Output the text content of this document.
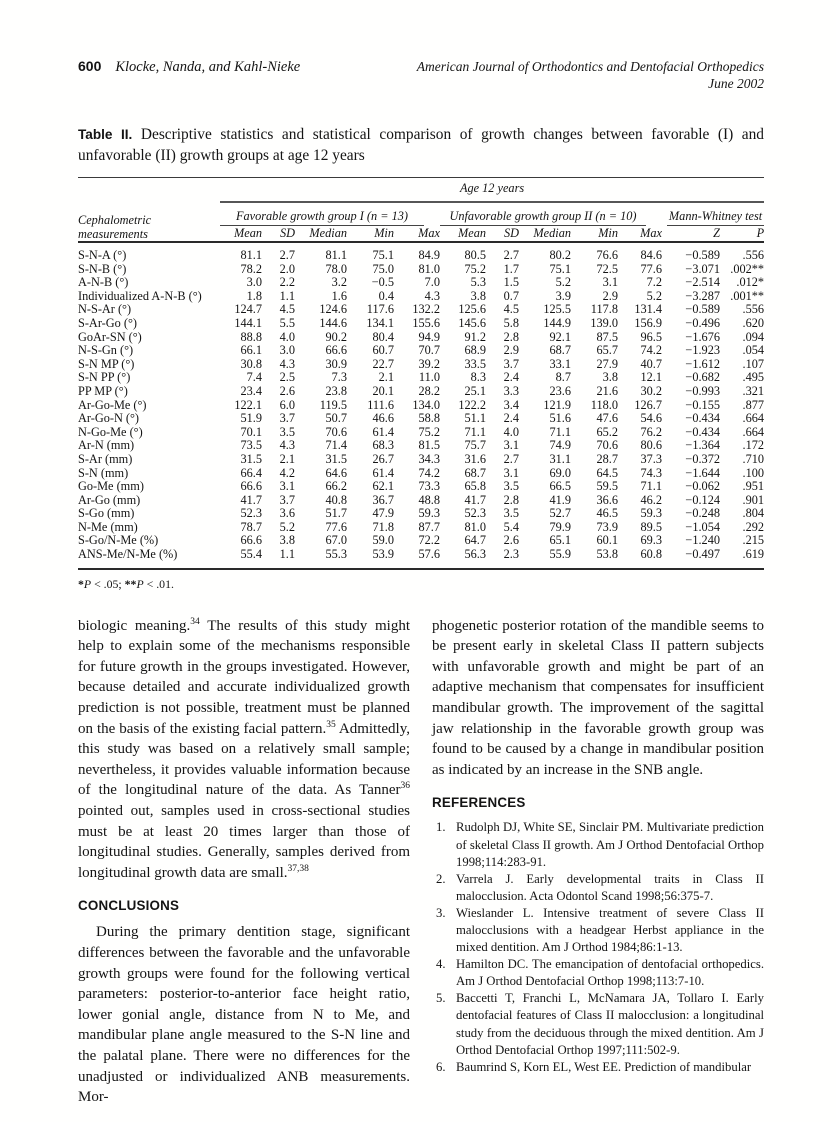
600 Klocke, Nanda, and Kahl-Nieke	American Journal of Orthodontics and Dentofacial Orthopedics
June 2002
Table II. Descriptive statistics and statistical comparison of growth changes between favorable (I) and unfavorable (II) growth groups at age 12 years

	Age 12 years											

Cephalometric measurements	Favorable growth group I (n = 13)					Unfavorable growth group II (n = 10)					Mann-Whitney test	

	Mean	SD	Median	Min	Max	Mean	SD	Median	Min	Max	Z	P
S-N-A (°)	81.1	2.7	81.1	75.1	84.9	80.5	2.7	80.2	76.6	84.6	−0.589	.556
S-N-B (°)	78.2	2.0	78.0	75.0	81.0	75.2	1.7	75.1	72.5	77.6	−3.071	.002**
A-N-B (°)	3.0	2.2	3.2	−0.5	7.0	5.3	1.5	5.2	3.1	7.2	−2.514	.012*
Individualized A-N-B (°)	1.8	1.1	1.6	0.4	4.3	3.8	0.7	3.9	2.9	5.2	−3.287	.001**
N-S-Ar (°)	124.7	4.5	124.6	117.6	132.2	125.6	4.5	125.5	117.8	131.4	−0.589	.556
S-Ar-Go (°)	144.1	5.5	144.6	134.1	155.6	145.6	5.8	144.9	139.0	156.9	−0.496	.620
GoAr-SN (°)	88.8	4.0	90.2	80.4	94.9	91.2	2.8	92.1	87.5	96.5	−1.676	.094
N-S-Gn (°)	66.1	3.0	66.6	60.7	70.7	68.9	2.9	68.7	65.7	74.2	−1.923	.054
S-N MP (°)	30.8	4.3	30.9	22.7	39.2	33.5	3.7	33.1	27.9	40.7	−1.612	.107
S-N PP (°)	7.4	2.5	7.3	2.1	11.0	8.3	2.4	8.7	3.8	12.1	−0.682	.495
PP MP (°)	23.4	2.6	23.8	20.1	28.2	25.1	3.3	23.6	21.6	30.2	−0.993	.321
Ar-Go-Me (°)	122.1	6.0	119.5	111.6	134.0	122.2	3.4	121.9	118.0	126.7	−0.155	.877
Ar-Go-N (°)	51.9	3.7	50.7	46.6	58.8	51.1	2.4	51.6	47.6	54.6	−0.434	.664
N-Go-Me (°)	70.1	3.5	70.6	61.4	75.2	71.1	4.0	71.1	65.2	76.2	−0.434	.664
Ar-N (mm)	73.5	4.3	71.4	68.3	81.5	75.7	3.1	74.9	70.6	80.6	−1.364	.172
S-Ar (mm)	31.5	2.1	31.5	26.7	34.3	31.6	2.7	31.1	28.7	37.3	−0.372	.710
S-N (mm)	66.4	4.2	64.6	61.4	74.2	68.7	3.1	69.0	64.5	74.3	−1.644	.100
Go-Me (mm)	66.6	3.1	66.2	62.1	73.3	65.8	3.5	66.5	59.5	71.1	−0.062	.951
Ar-Go (mm)	41.7	3.7	40.8	36.7	48.8	41.7	2.8	41.9	36.6	46.2	−0.124	.901
S-Go (mm)	52.3	3.6	51.7	47.9	59.3	52.3	3.5	52.7	46.5	59.3	−0.248	.804
N-Me (mm)	78.7	5.2	77.6	71.8	87.7	81.0	5.4	79.9	73.9	89.5	−1.054	.292
S-Go/N-Me (%)	66.6	3.8	67.0	59.0	72.2	64.7	2.6	65.1	60.1	69.3	−1.240	.215
ANS-Me/N-Me (%)	55.4	1.1	55.3	53.9	57.6	56.3	2.3	55.9	53.8	60.8	−0.497	.619
*P < .05; **P < .01.

biologic meaning.$^{34}$ The results of this study might help to explain some of the mechanisms responsible for future growth in the groups investigated. However, because detailed and accurate individualized growth prediction is not possible, treatment must be planned on the basis of the existing facial pattern.$^{35}$ Admittedly, this study was based on a relatively small sample; nevertheless, it provides valuable information because of the longitudinal nature of the data. As Tanner$^{36}$ pointed out, samples used in cross-sectional studies must be at least 20 times larger than those of longitudinal studies. Generally, samples derived from longitudinal growth data are small.$^{37,38}$

CONCLUSIONS

During the primary dentition stage, significant differences between the favorable and the unfavorable growth groups were found for the following vertical parameters: posterior-to-anterior face height ratio, lower gonial angle, distance from N to Me, and mandibular plane angle measured to the S-N line and the palatal plane. There were no differences for the unadjusted or individualized ANB measurements. Mor-

phogenetic posterior rotation of the mandible seems to be present early in skeletal Class II pattern subjects with unfavorable growth and might be part of an adaptive mechanism that compensates for insufficient mandibular growth. The improvement of the sagittal jaw relationship in the favorable growth group was found to be caused by a change in mandibular position as indicated by an increase in the SNB angle.

REFERENCES
1. Rudolph DJ, White SE, Sinclair PM. Multivariate prediction of skeletal Class II growth. Am J Orthod Dentofacial Orthop 1998;114:283-91.
2. Varrela J. Early developmental traits in Class II malocclusion. Acta Odontol Scand 1998;56:375-7.
3. Wieslander L. Intensive treatment of severe Class II malocclusions with a headgear Herbst appliance in the mixed dentition. Am J Orthod 1984;86:1-13.
4. Hamilton DC. The emancipation of dentofacial orthopedics. Am J Orthod Dentofacial Orthop 1998;113:7-10.
5. Baccetti T, Franchi L, McNamara JA, Tollaro I. Early dentofacial features of Class II malocclusion: a longitudinal study from the deciduous through the mixed dentition. Am J Orthod Dentofacial Orthop 1997;111:502-9.
6. Baumrind S, Korn EL, West EE. Prediction of mandibular
